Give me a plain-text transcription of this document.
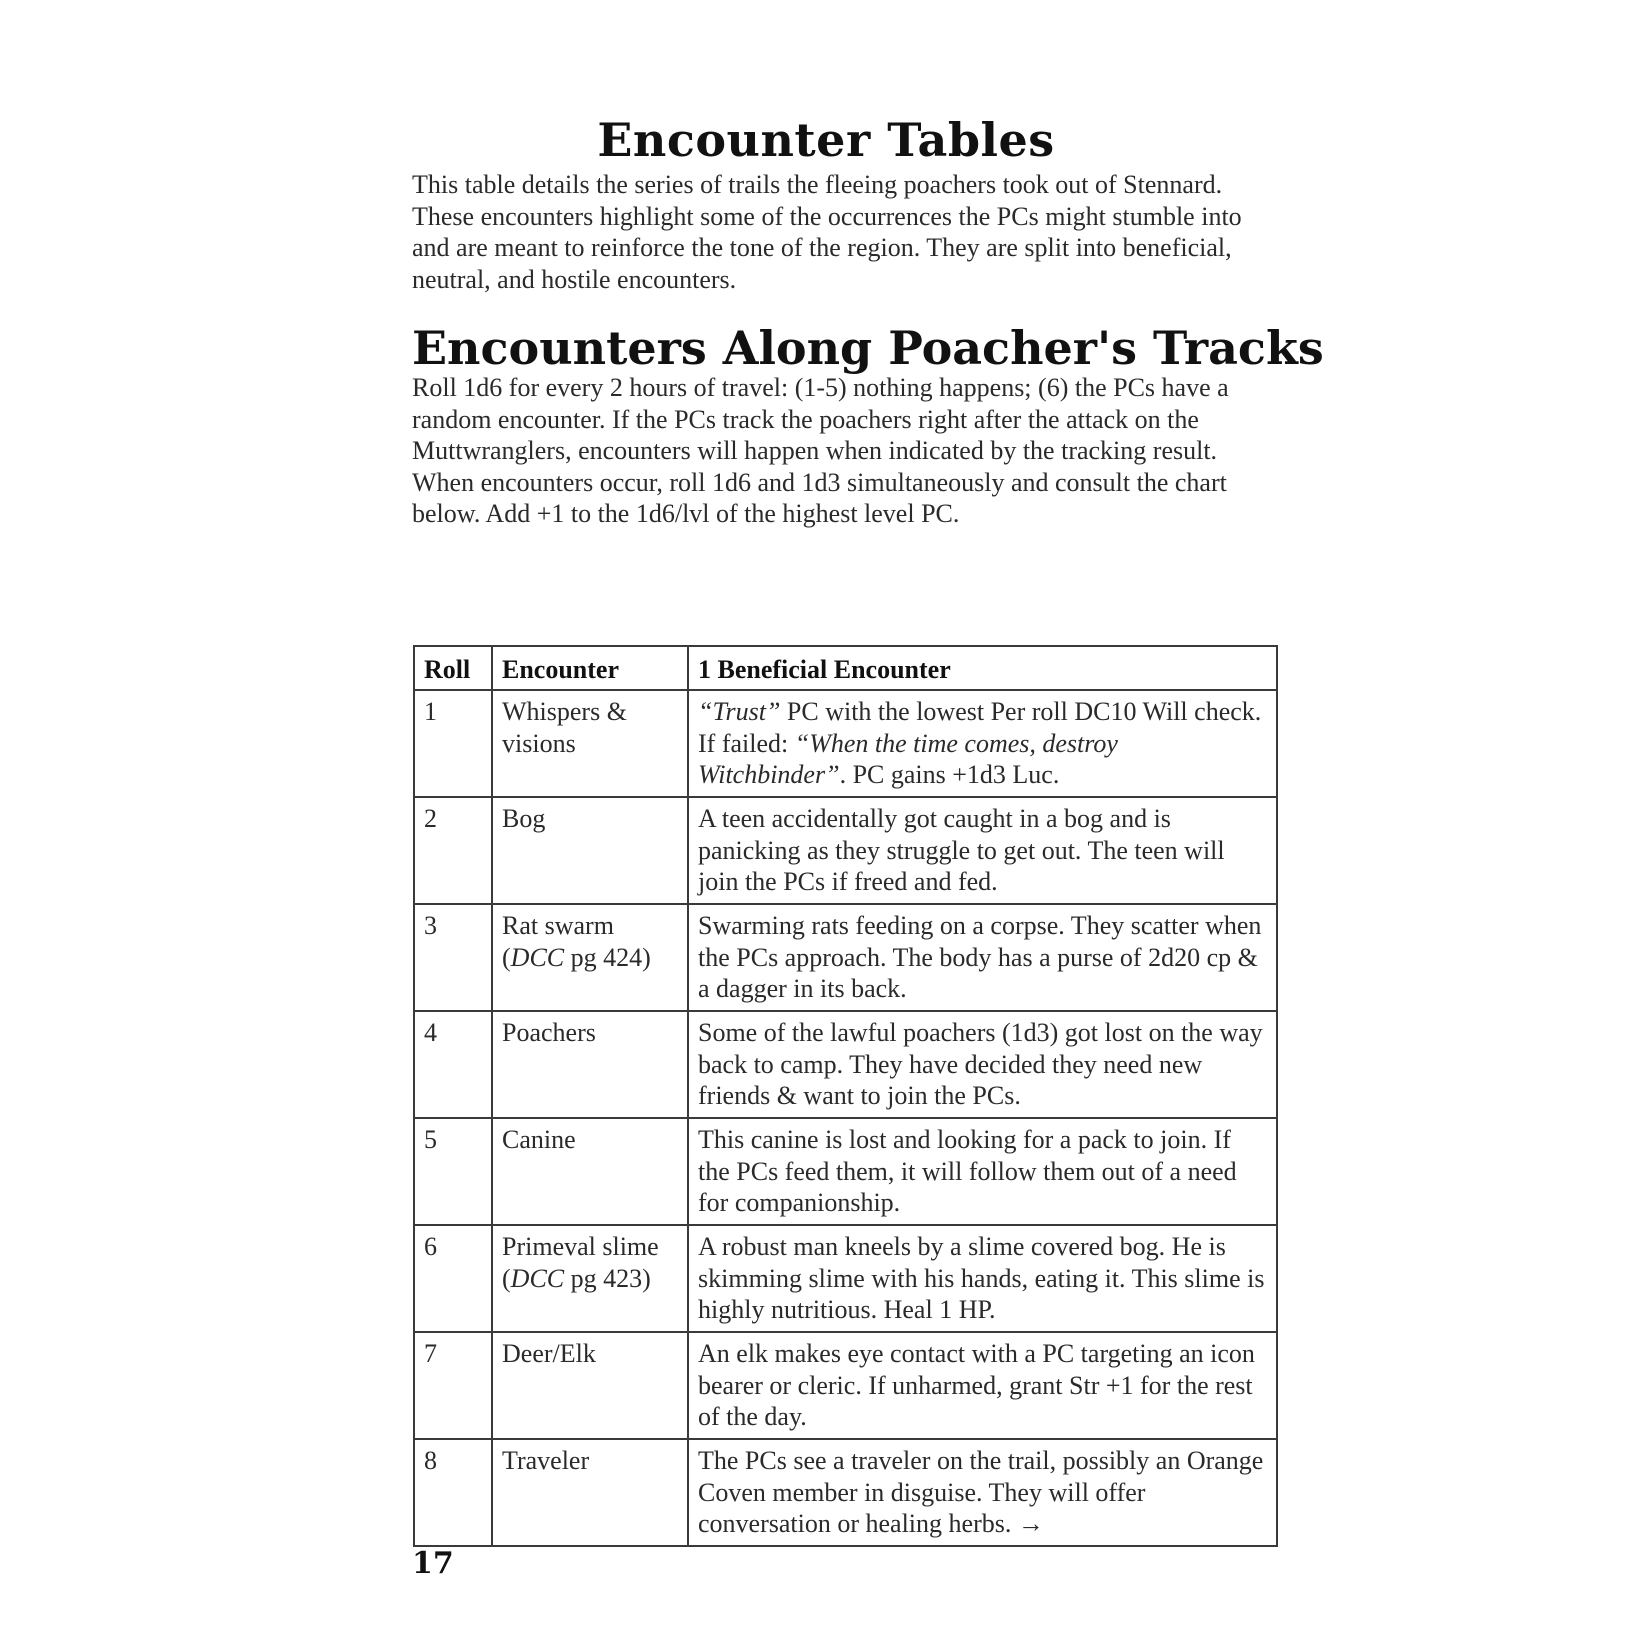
Encounter Tables
This table details the series of trails the fleeing poachers took out of Stennard. These encounters highlight some of the occurrences the PCs might stumble into and are meant to reinforce the tone of the region. They are split into beneficial, neutral, and hostile encounters.
Encounters Along Poacher's Tracks
Roll 1d6 for every 2 hours of travel: (1-5) nothing happens; (6) the PCs have a random encounter. If the PCs track the poachers right after the attack on the Muttwranglers, encounters will happen when indicated by the tracking result. When encounters occur, roll 1d6 and 1d3 simultaneously and consult the chart below. Add +1 to the 1d6/lvl of the highest level PC.
Roll	Encounter	1 Beneficial Encounter
1	Whispers & visions	“Trust” PC with the lowest Per roll DC10 Will check. If failed: “When the time comes, destroy Witchbinder”. PC gains +1d3 Luc.
2	Bog	A teen accidentally got caught in a bog and is panicking as they struggle to get out. The teen will join the PCs if freed and fed.
3	Rat swarm (DCC pg 424)	Swarming rats feeding on a corpse. They scatter when the PCs approach. The body has a purse of 2d20 cp & a dagger in its back.
4	Poachers	Some of the lawful poachers (1d3) got lost on the way back to camp. They have decided they need new friends & want to join the PCs.
5	Canine	This canine is lost and looking for a pack to join. If the PCs feed them, it will follow them out of a need for companionship.
6	Primeval slime (DCC pg 423)	A robust man kneels by a slime covered bog. He is skimming slime with his hands, eating it. This slime is highly nutritious. Heal 1 HP.
7	Deer/Elk	An elk makes eye contact with a PC targeting an icon bearer or cleric. If unharmed, grant Str +1 for the rest of the day.
8	Traveler	The PCs see a traveler on the trail, possibly an Orange Coven member in disguise. They will offer conversation or healing herbs. →
17
